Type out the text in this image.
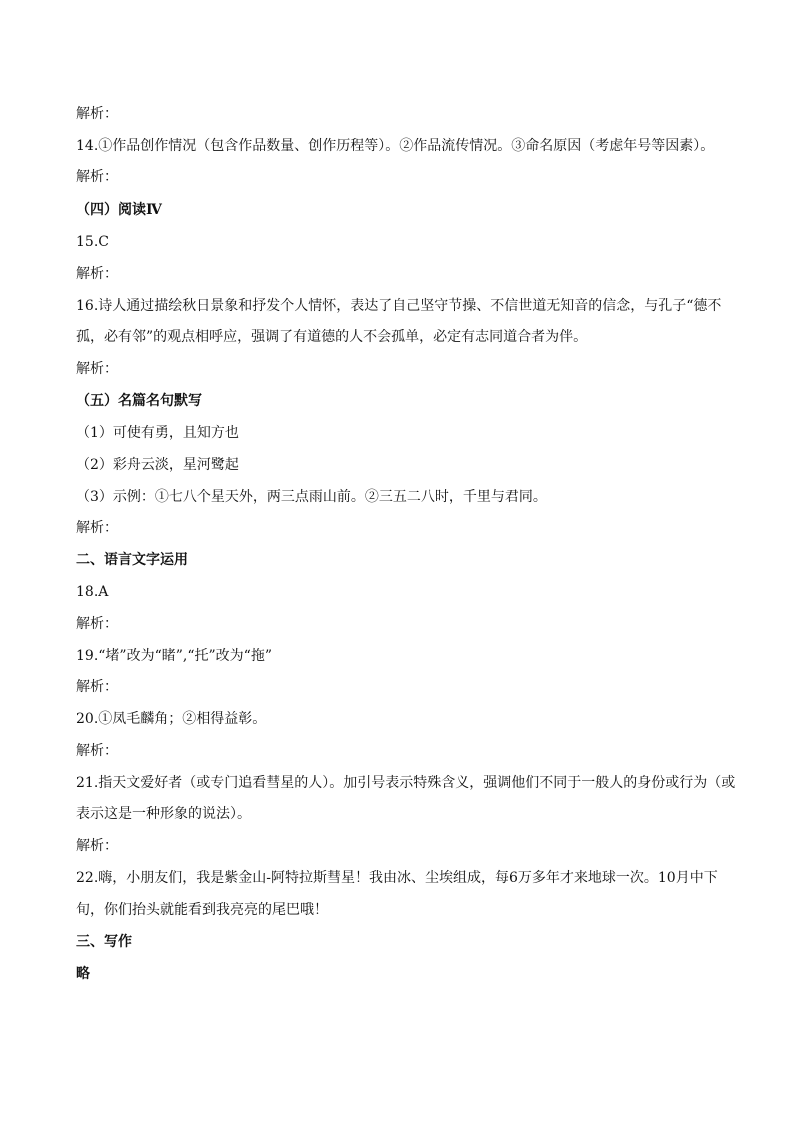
解析：
14.①作品创作情况（包含作品数量、创作历程等）。②作品流传情况。③命名原因（考虑年号等因素）。
解析：
（四）阅读Ⅳ
15.C
解析：
16.诗人通过描绘秋日景象和抒发个人情怀，表达了自己坚守节操、不信世道无知音的信念，与孔子“德不
孤，必有邻”的观点相呼应，强调了有道德的人不会孤单，必定有志同道合者为伴。
解析：
（五）名篇名句默写
（1）可使有勇，且知方也
（2）彩舟云淡，星河鹭起
（3）示例：①七八个星天外，两三点雨山前。②三五二八时，千里与君同。
解析：
二、语言文字运用
18.A
解析：
19.“堵”改为“睹”,“托”改为“拖”
解析：
20.①凤毛麟角；②相得益彰。
解析：
21.指天文爱好者（或专门追看彗星的人）。加引号表示特殊含义，强调他们不同于一般人的身份或行为（或
表示这是一种形象的说法）。
解析：
22.嗨，小朋友们，我是紫金山-阿特拉斯彗星！我由冰、尘埃组成，每6万多年才来地球一次。10月中下
旬，你们抬头就能看到我亮亮的尾巴哦！
三、写作
略
